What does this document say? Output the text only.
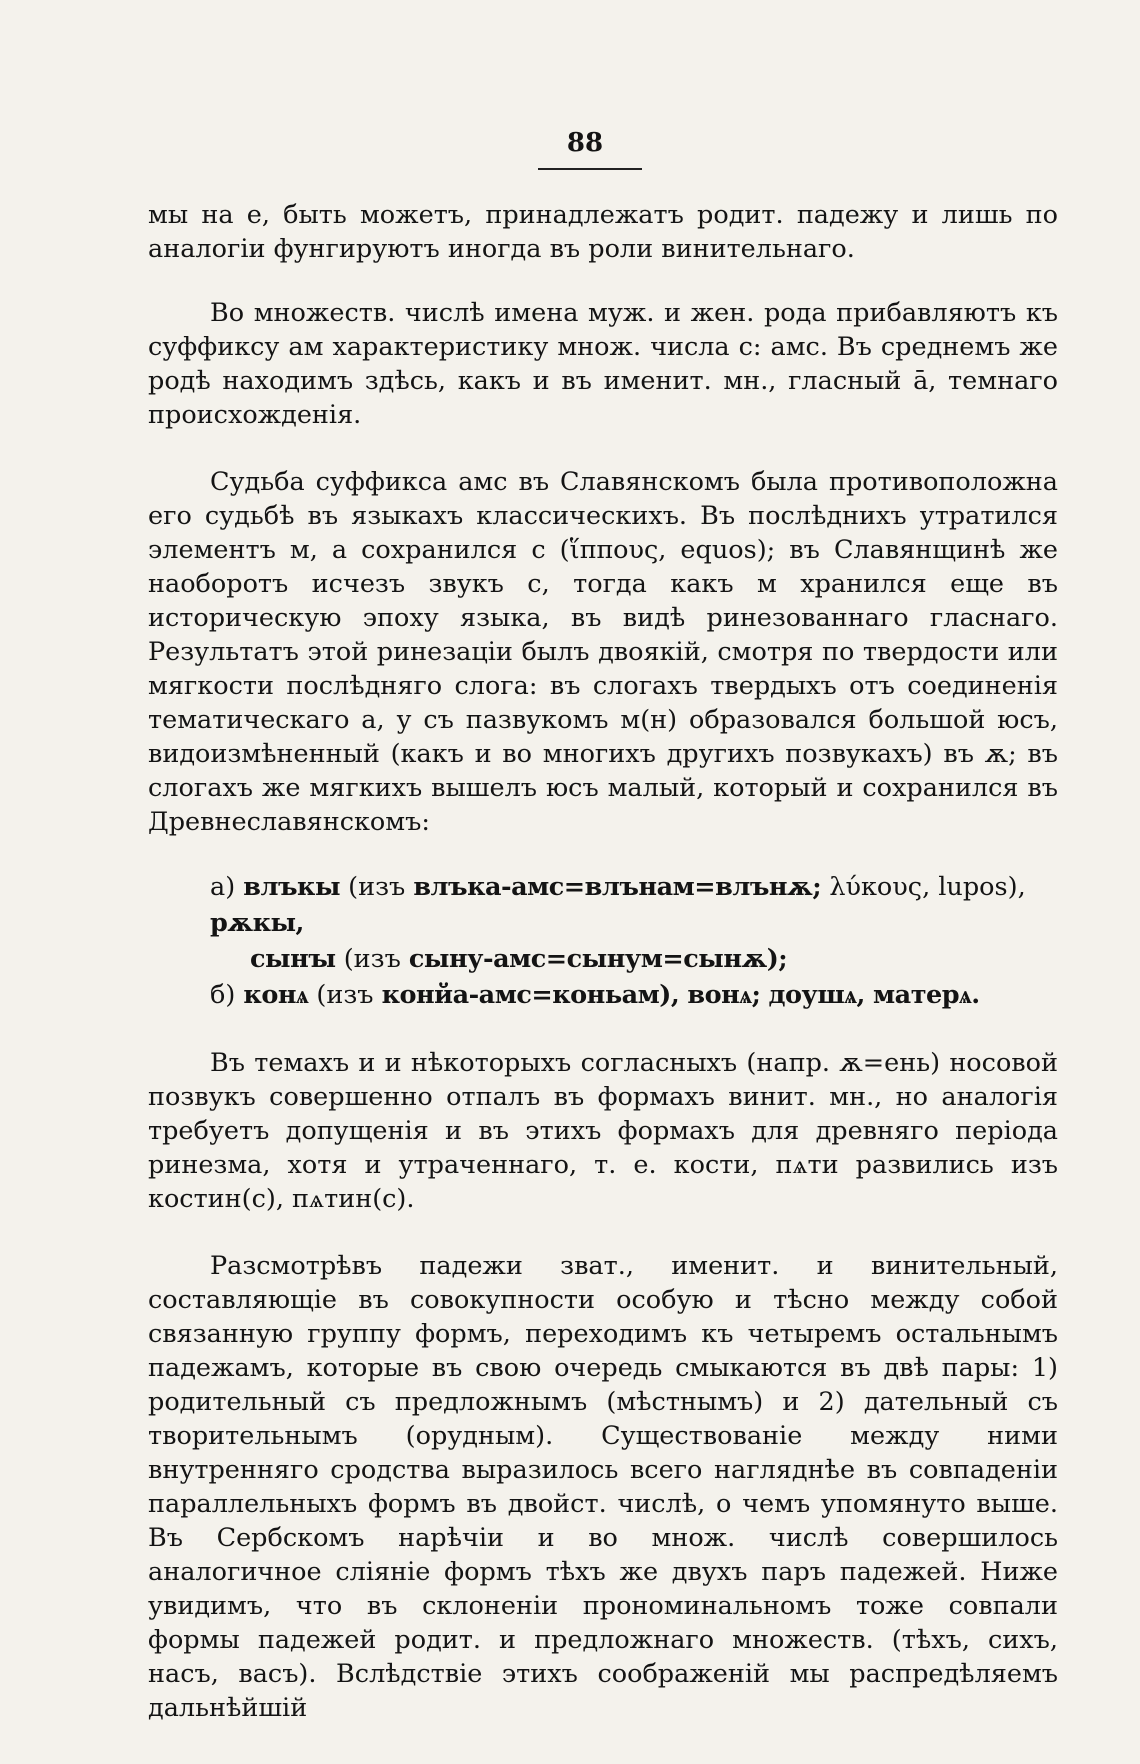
88

мы на е, быть можетъ, принадлежатъ родит. падежу и лишь по аналогіи фунгируютъ иногда въ роли винительнаго.

Во множеств. числѣ имена муж. и жен. рода прибавляютъ къ суффиксу ам характеристику множ. числа с: амс. Въ среднемъ же родѣ находимъ здѣсь, какъ и въ именит. мн., гласный ā, темнаго происхожденія.

Судьба суффикса амс въ Славянскомъ была противоположна его судьбѣ въ языкахъ классическихъ. Въ послѣднихъ утратился элементъ м, а сохранился с (ἵππους, equos); въ Славянщинѣ же наоборотъ исчезъ звукъ с, тогда какъ м хранился еще въ историческую эпоху языка, въ видѣ ринезованнаго гласнаго. Результатъ этой ринезаціи былъ двоякій, смотря по твердости или мягкости послѣдняго слога: въ слогахъ твердыхъ отъ соединенія тематическаго а, у съ пазвукомъ м(н) образовался большой юсъ, видоизмѣненный (какъ и во многихъ другихъ позвукахъ) въ ѫ; въ слогахъ же мягкихъ вышелъ юсъ малый, который и сохранился въ Древнеславянскомъ:

а) влъкы (изъ влъка-амс=влънам=влънѫ; λύκους, lupos), рѫкы,

сынꙑ (изъ сыну-амс=сынум=сынѫ);

б) конѧ (изъ конйа-амс=коньам), вонѧ; доушѧ, матерѧ.

Въ темахъ и и нѣкоторыхъ согласныхъ (напр. ѫ=ень) носовой позвукъ совершенно отпалъ въ формахъ винит. мн., но аналогія требуетъ допущенія и въ этихъ формахъ для древняго періода ринезма, хотя и утраченнаго, т. е. кости, пѧти развились изъ костин(с), пѧтин(с).

Разсмотрѣвъ падежи зват., именит. и винительный, составляющіе въ совокупности особую и тѣсно между собой связанную группу формъ, переходимъ къ четыремъ остальнымъ падежамъ, которые въ свою очередь смыкаются въ двѣ пары: 1) родительный съ предложнымъ (мѣстнымъ) и 2) дательный съ творительнымъ (орудным). Существованіе между ними внутренняго сродства выразилось всего нагляднѣе въ совпаденіи параллельныхъ формъ въ двойст. числѣ, о чемъ упомянуто выше. Въ Сербскомъ нарѣчіи и во множ. числѣ совершилось аналогичное сліяніе формъ тѣхъ же двухъ паръ падежей. Ниже увидимъ, что въ склоненіи прономинальномъ тоже совпали формы падежей родит. и предложнаго множеств. (тѣхъ, сихъ, насъ, васъ). Вслѣдствіе этихъ соображеній мы распредѣляемъ дальнѣйшій
